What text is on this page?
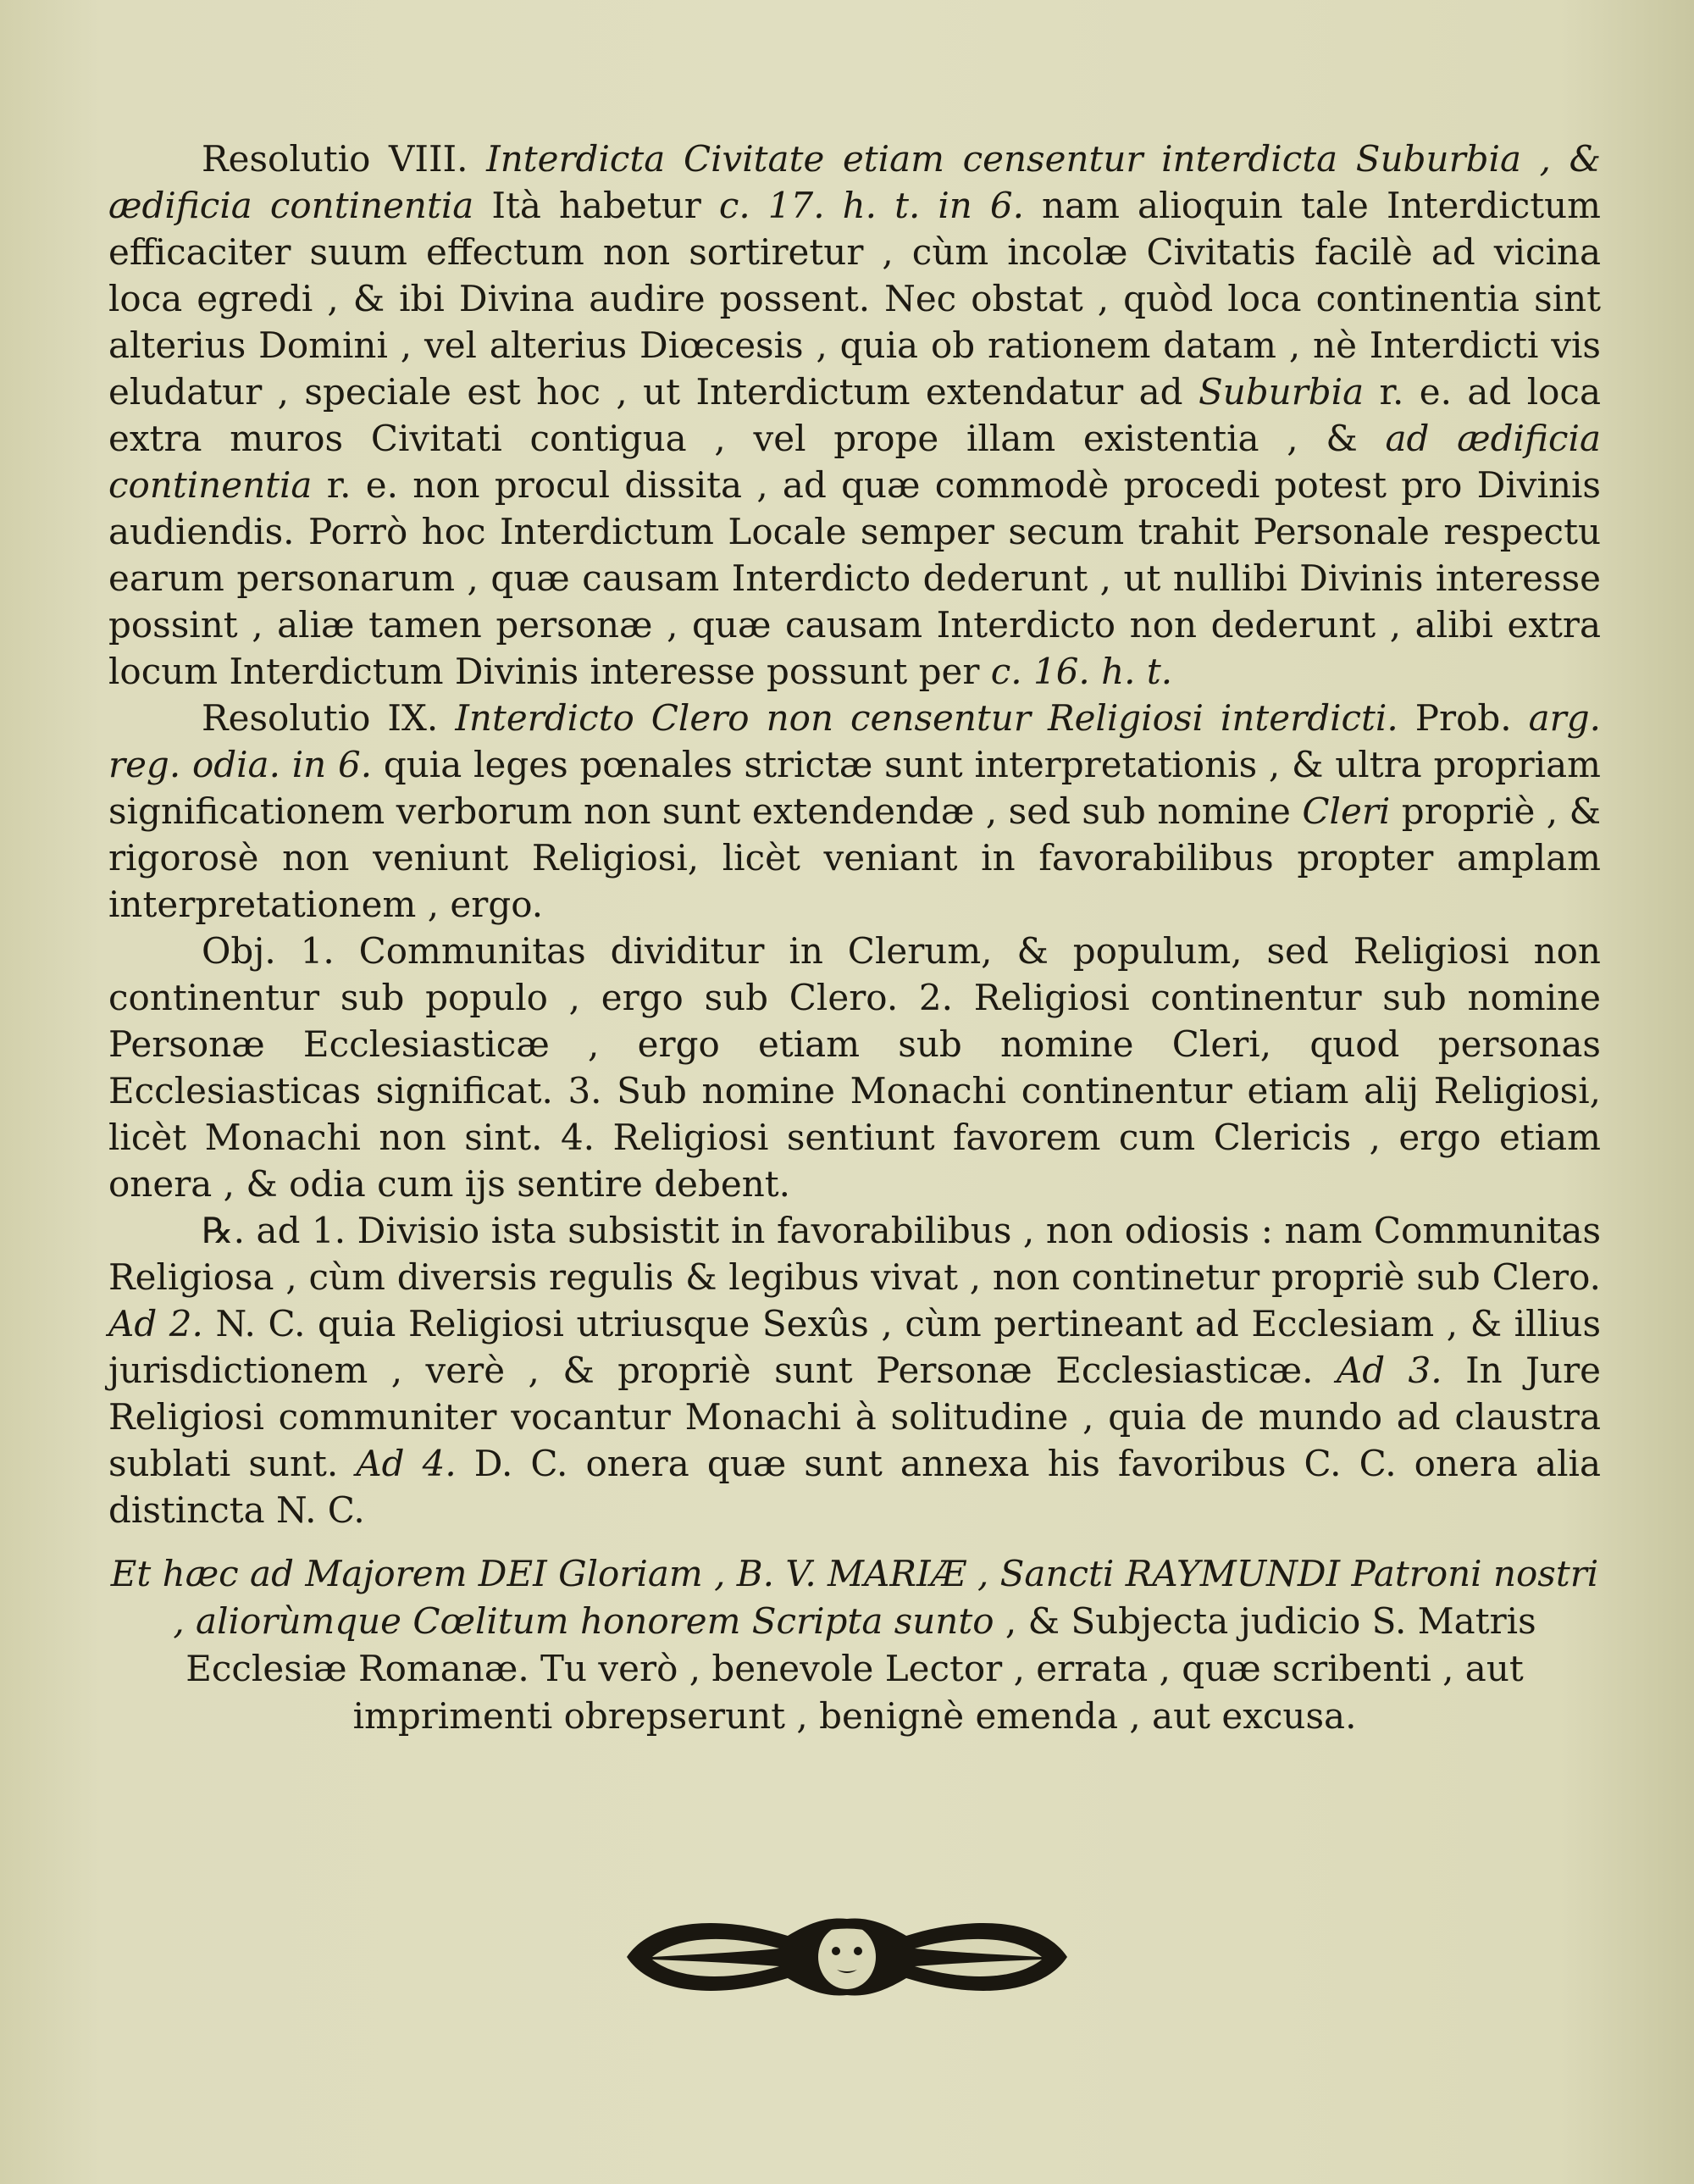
Resolutio VIII. Interdicta Civitate etiam censentur interdicta Suburbia , & ædificia continentia Ità habetur c. 17. h. t. in 6. nam alioquin tale Interdictum efficaciter suum effectum non sortiretur , cùm incolæ Civitatis facilè ad vicina loca egredi , & ibi Divina audire possent. Nec obstat , quòd loca continentia sint alterius Domini , vel alterius Diœcesis , quia ob rationem datam , nè Interdicti vis eludatur , speciale est hoc , ut Interdictum extendatur ad Suburbia r. e. ad loca extra muros Civitati contigua , vel prope illam existentia , & ad ædificia continentia r. e. non procul dissita , ad quæ commodè procedi potest pro Divinis audiendis. Porrò hoc Interdictum Locale semper secum trahit Personale respectu earum personarum , quæ causam Interdicto dederunt , ut nullibi Divinis interesse possint , aliæ tamen personæ , quæ causam Interdicto non dederunt , alibi extra locum Interdictum Divinis interesse possunt per c. 16. h. t.

Resolutio IX. Interdicto Clero non censentur Religiosi interdicti. Prob. arg. reg. odia. in 6. quia leges pœnales strictæ sunt interpretationis , & ultra propriam significationem verborum non sunt extendendæ , sed sub nomine Cleri propriè , & rigorosè non veniunt Religiosi, licèt veniant in favorabilibus propter amplam interpretationem , ergo.

Obj. 1. Communitas dividitur in Clerum, & populum, sed Religiosi non continentur sub populo , ergo sub Clero. 2. Religiosi continentur sub nomine Personæ Ecclesiasticæ , ergo etiam sub nomine Cleri, quod personas Ecclesiasticas significat. 3. Sub nomine Monachi continentur etiam alij Religiosi, licèt Monachi non sint. 4. Religiosi sentiunt favorem cum Clericis , ergo etiam onera , & odia cum ijs sentire debent.

℞. ad 1. Divisio ista subsistit in favorabilibus , non odiosis : nam Communitas Religiosa , cùm diversis regulis & legibus vivat , non continetur propriè sub Clero. Ad 2. N. C. quia Religiosi utriusque Sexûs , cùm pertineant ad Ecclesiam , & illius jurisdictionem , verè , & propriè sunt Personæ Ecclesiasticæ. Ad 3. In Jure Religiosi communiter vocantur Monachi à solitudine , quia de mundo ad claustra sublati sunt. Ad 4. D. C. onera quæ sunt annexa his favoribus C. C. onera alia distincta N. C.

Et hæc ad Majorem DEI Gloriam , B. V. MARIÆ , Sancti RAYMUNDI Patroni nostri , aliorùmque Cœlitum honorem Scripta sunto , & Subjecta judicio S. Matris Ecclesiæ Romanæ. Tu verò , benevole Lector , errata , quæ scribenti , aut imprimenti obrepserunt , benignè emenda , aut excusa.
